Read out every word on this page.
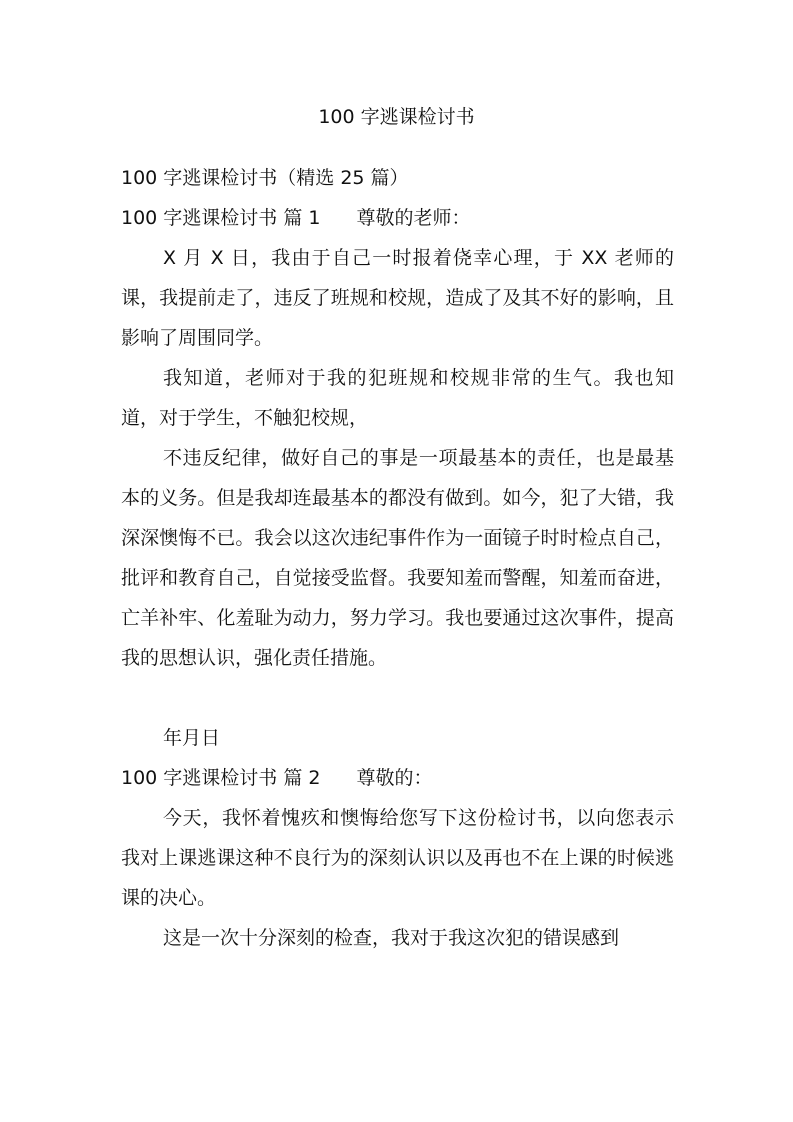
100 字逃课检讨书

100 字逃课检讨书（精选 25 篇）

100 字逃课检讨书 篇 1 尊敬的老师：

X 月 X 日，我由于自己一时报着侥幸心理，于 XX 老师的课，我提前走了，违反了班规和校规，造成了及其不好的影响，且影响了周围同学。

我知道，老师对于我的犯班规和校规非常的生气。我也知道，对于学生，不触犯校规，

不违反纪律，做好自己的事是一项最基本的责任，也是最基本的义务。但是我却连最基本的都没有做到。如今，犯了大错，我深深懊悔不已。我会以这次违纪事件作为一面镜子时时检点自己，批评和教育自己，自觉接受监督。我要知羞而警醒，知羞而奋进，亡羊补牢、化羞耻为动力，努力学习。我也要通过这次事件，提高我的思想认识，强化责任措施。

年月日

100 字逃课检讨书 篇 2 尊敬的：

今天，我怀着愧疚和懊悔给您写下这份检讨书，以向您表示我对上课逃课这种不良行为的深刻认识以及再也不在上课的时候逃课的决心。

这是一次十分深刻的检查，我对于我这次犯的错误感到
